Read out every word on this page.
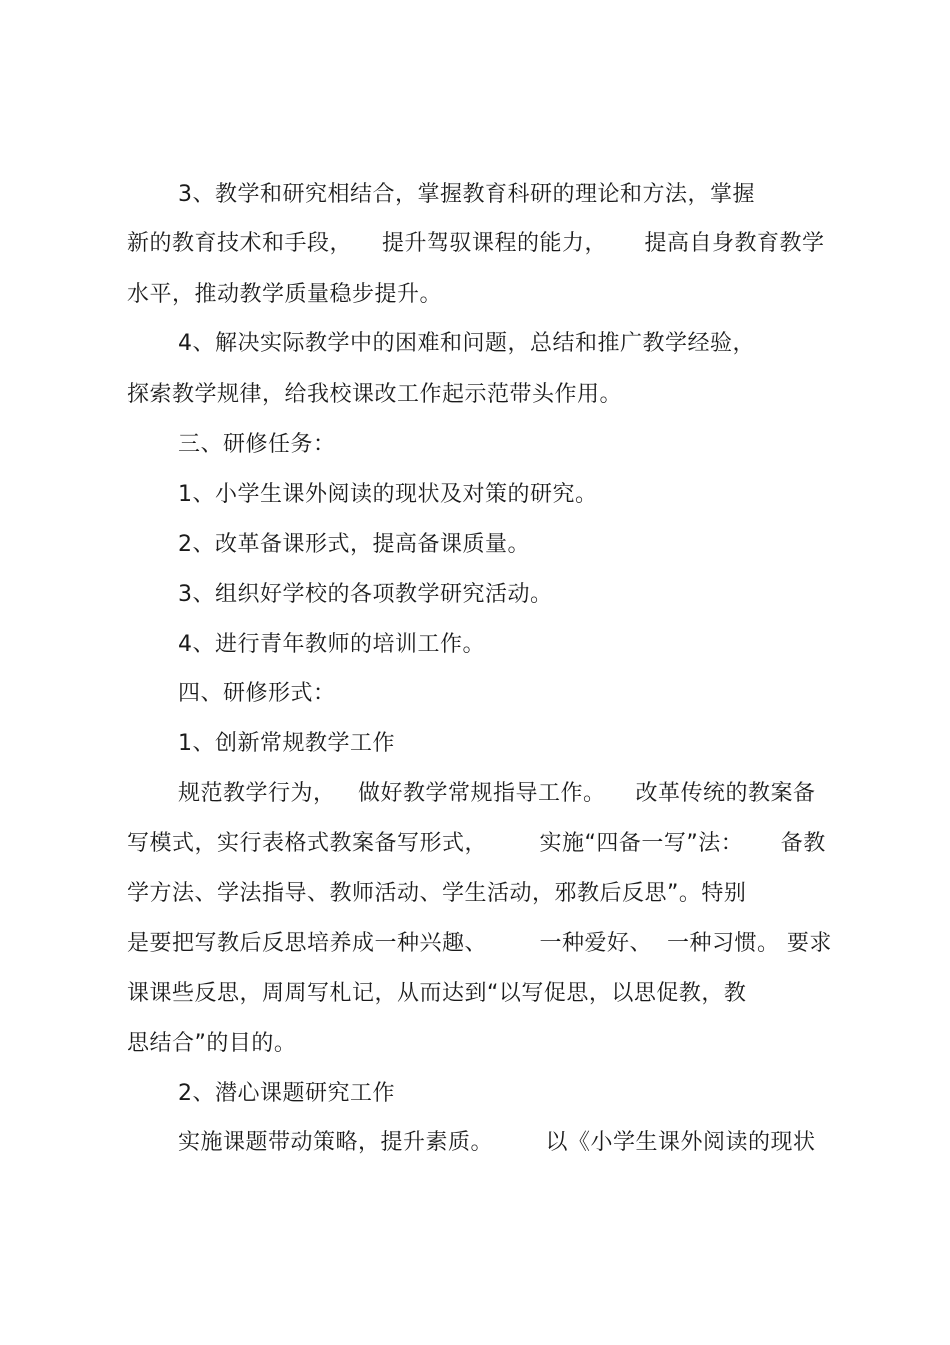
3、教学和研究相结合，掌握教育科研的理论和方法，掌握
新的教育技术和手段，    提升驾驭课程的能力，     提高自身教育教学
水平，推动教学质量稳步提升。
4、解决实际教学中的困难和问题，总结和推广教学经验，
探索教学规律，给我校课改工作起示范带头作用。
三、研修任务：
1、小学生课外阅读的现状及对策的研究。
2、改革备课形式，提高备课质量。
3、组织好学校的各项教学研究活动。
4、进行青年教师的培训工作。
四、研修形式：
1、创新常规教学工作
规范教学行为，   做好教学常规指导工作。    改革传统的教案备
写模式，实行表格式教案备写形式，       实施“四备一写”法：     备教
学方法、学法指导、教师活动、学生活动，邪教后反思”。特别
是要把写教后反思培养成一种兴趣、       一种爱好、  一种习惯。 要求
课课些反思，周周写札记，从而达到“以写促思，以思促教，教
思结合”的目的。
2、潜心课题研究工作
实施课题带动策略，提升素质。       以《小学生课外阅读的现状
